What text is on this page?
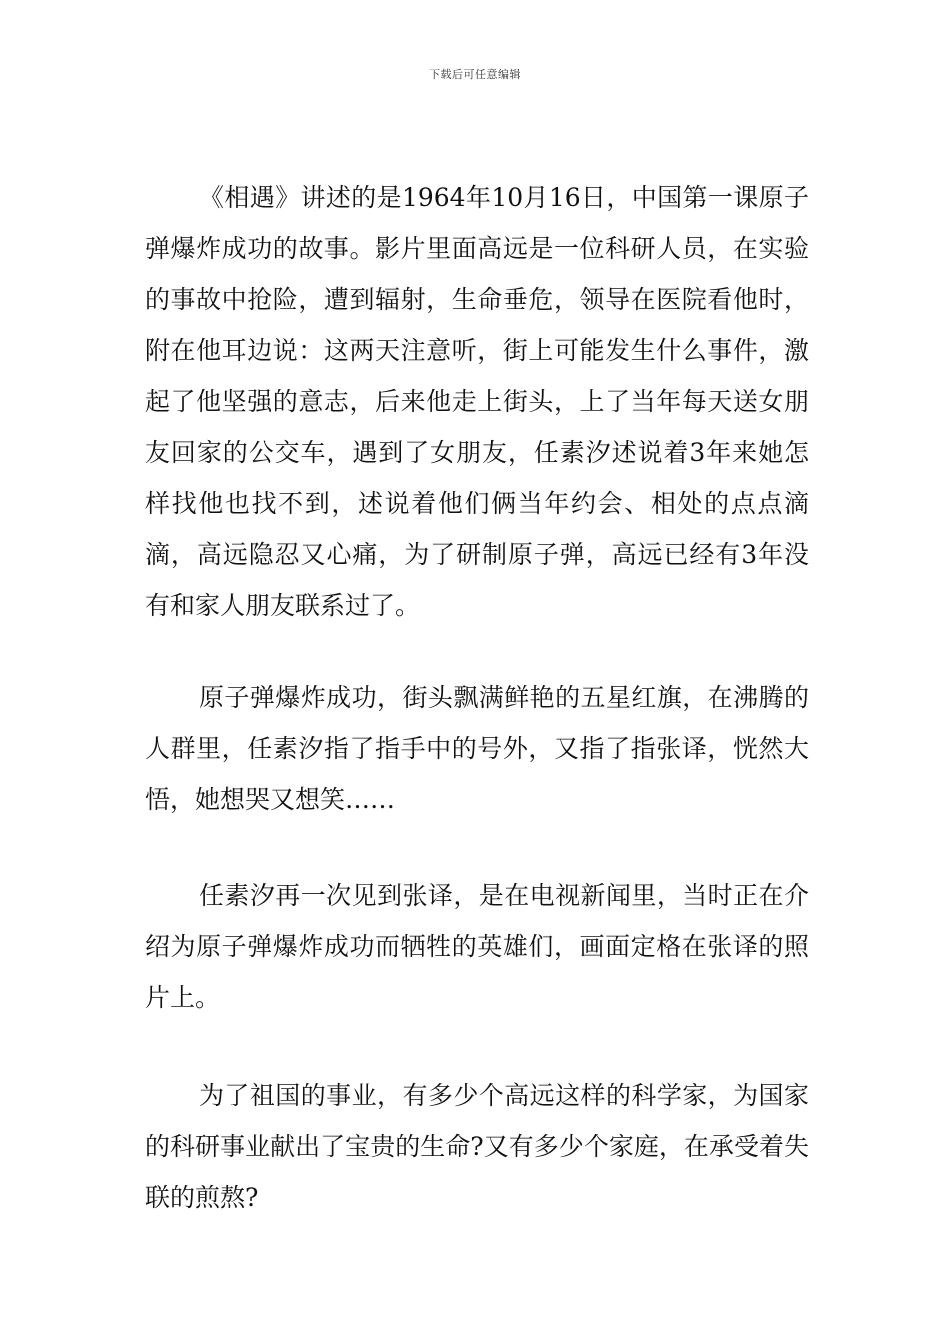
下载后可任意编辑

《相遇》讲述的是1964年10月16日，中国第一课原子弹爆炸成功的故事。影片里面高远是一位科研人员，在实验的事故中抢险，遭到辐射，生命垂危，领导在医院看他时，附在他耳边说：这两天注意听，街上可能发生什么事件，激起了他坚强的意志，后来他走上街头，上了当年每天送女朋友回家的公交车，遇到了女朋友，任素汐述说着3年来她怎样找他也找不到，述说着他们俩当年约会、相处的点点滴滴，高远隐忍又心痛，为了研制原子弹，高远已经有3年没有和家人朋友联系过了。

原子弹爆炸成功，街头飘满鲜艳的五星红旗，在沸腾的人群里，任素汐指了指手中的号外，又指了指张译，恍然大悟，她想哭又想笑……

任素汐再一次见到张译，是在电视新闻里，当时正在介绍为原子弹爆炸成功而牺牲的英雄们，画面定格在张译的照片上。

为了祖国的事业，有多少个高远这样的科学家，为国家的科研事业献出了宝贵的生命?又有多少个家庭，在承受着失联的煎熬?
